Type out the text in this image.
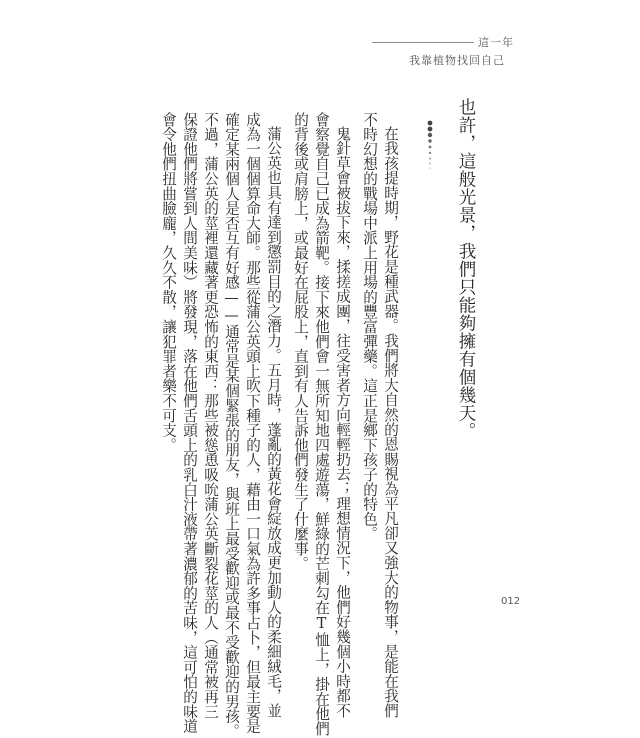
這一年
我靠植物找回自己
也許，這般光景，我們只能夠擁有個幾天。
在我孩提時期，野花是種武器。我們將大自然的恩賜視為平凡卻又強大的物事，是能在我們
不時幻想的戰場中派上用場的豐富彈藥。這正是鄉下孩子的特色。
鬼針草會被拔下來，揉搓成團，往受害者方向輕輕扔去；理想情況下，他們好幾個小時都不
會察覺自己已成為箭靶。接下來他們會一無所知地四處遊蕩，鮮綠的芒刺勾在T恤上，掛在他們
的背後或肩膀上，或最好在屁股上，直到有人告訴他們發生了什麼事。
蒲公英也具有達到懲罰目的之潛力。五月時，蓬亂的黃花會綻放成更加動人的柔細絨毛，並
成為一個個算命大師。那些從蒲公英頭上吹下種子的人，藉由一口氣為許多事占卜，但最主要是
確定某兩個人是否互有好感——通常是某個緊張的朋友，與班上最受歡迎或最不受歡迎的男孩。
不過，蒲公英的莖裡還藏著更恐怖的東西：那些被慫恿吸吮蒲公英斷裂花莖的人（通常被再三
保證他們將嘗到人間美味）將發現，落在他們舌頭上的乳白汁液帶著濃郁的苦味，這可怕的味道
會令他們扭曲臉龐，久久不散，讓犯罪者樂不可支。
012
